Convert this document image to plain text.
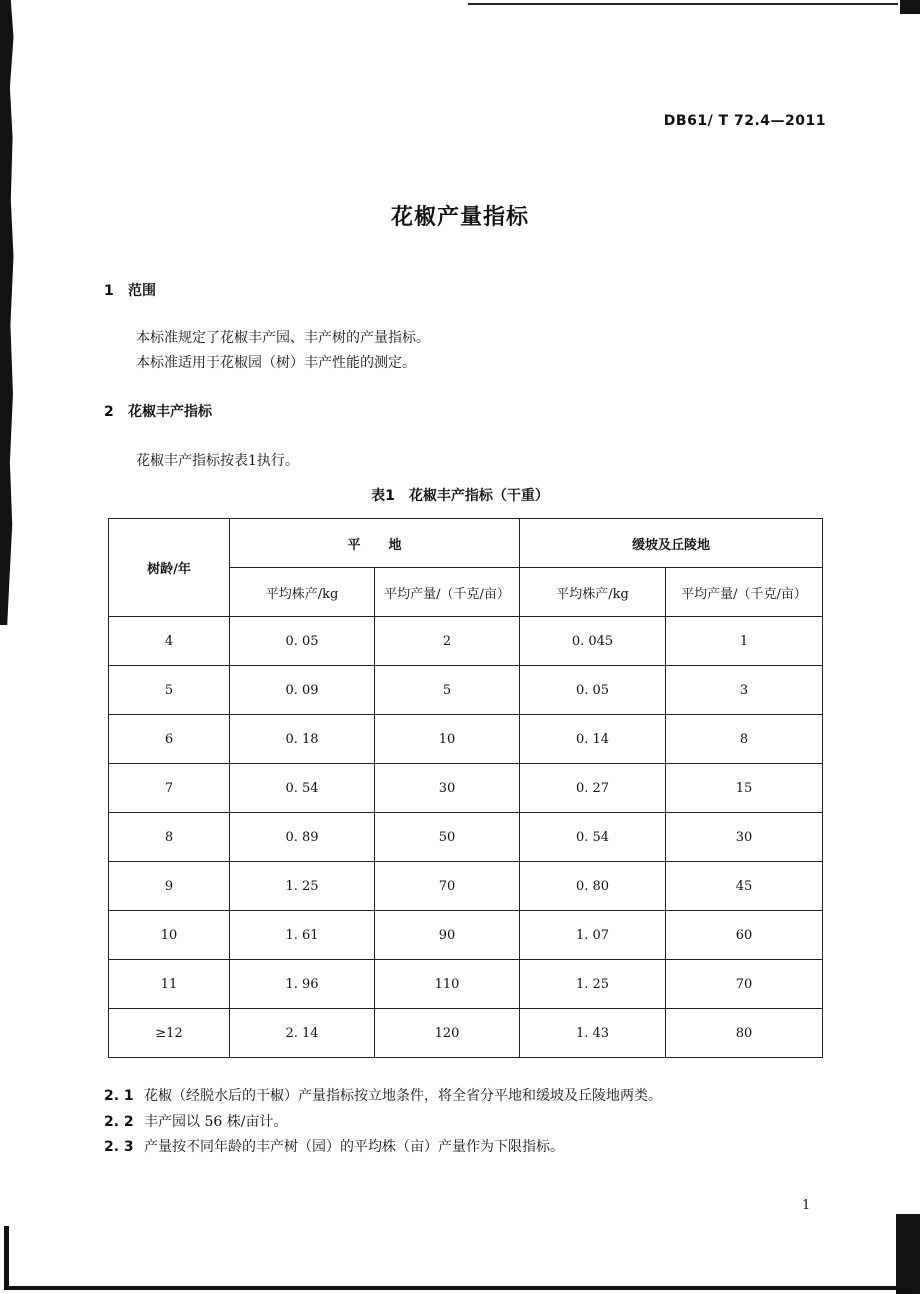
DB61/ T 72.4—2011
花椒产量指标
1 范围
本标准规定了花椒丰产园、丰产树的产量指标。
本标准适用于花椒园（树）丰产性能的测定。
2 花椒丰产指标
花椒丰产指标按表1执行。
表1　花椒丰产指标（干重）
树龄/年	平地		缓坡及丘陵地	
	平均株产/kg	平均产量/（千克/亩）	平均株产/kg	平均产量/（千克/亩）
4	0. 05	2	0. 045	1
5	0. 09	5	0. 05	3
6	0. 18	10	0. 14	8
7	0. 54	30	0. 27	15
8	0. 89	50	0. 54	30
9	1. 25	70	0. 80	45
10	1. 61	90	1. 07	60
11	1. 96	110	1. 25	70
≥12	2. 14	120	1. 43	80
2. 1 花椒（经脱水后的干椒）产量指标按立地条件，将全省分平地和缓坡及丘陵地两类。
2. 2 丰产园以 56 株/亩计。
2. 3 产量按不同年龄的丰产树（园）的平均株（亩）产量作为下限指标。
1
